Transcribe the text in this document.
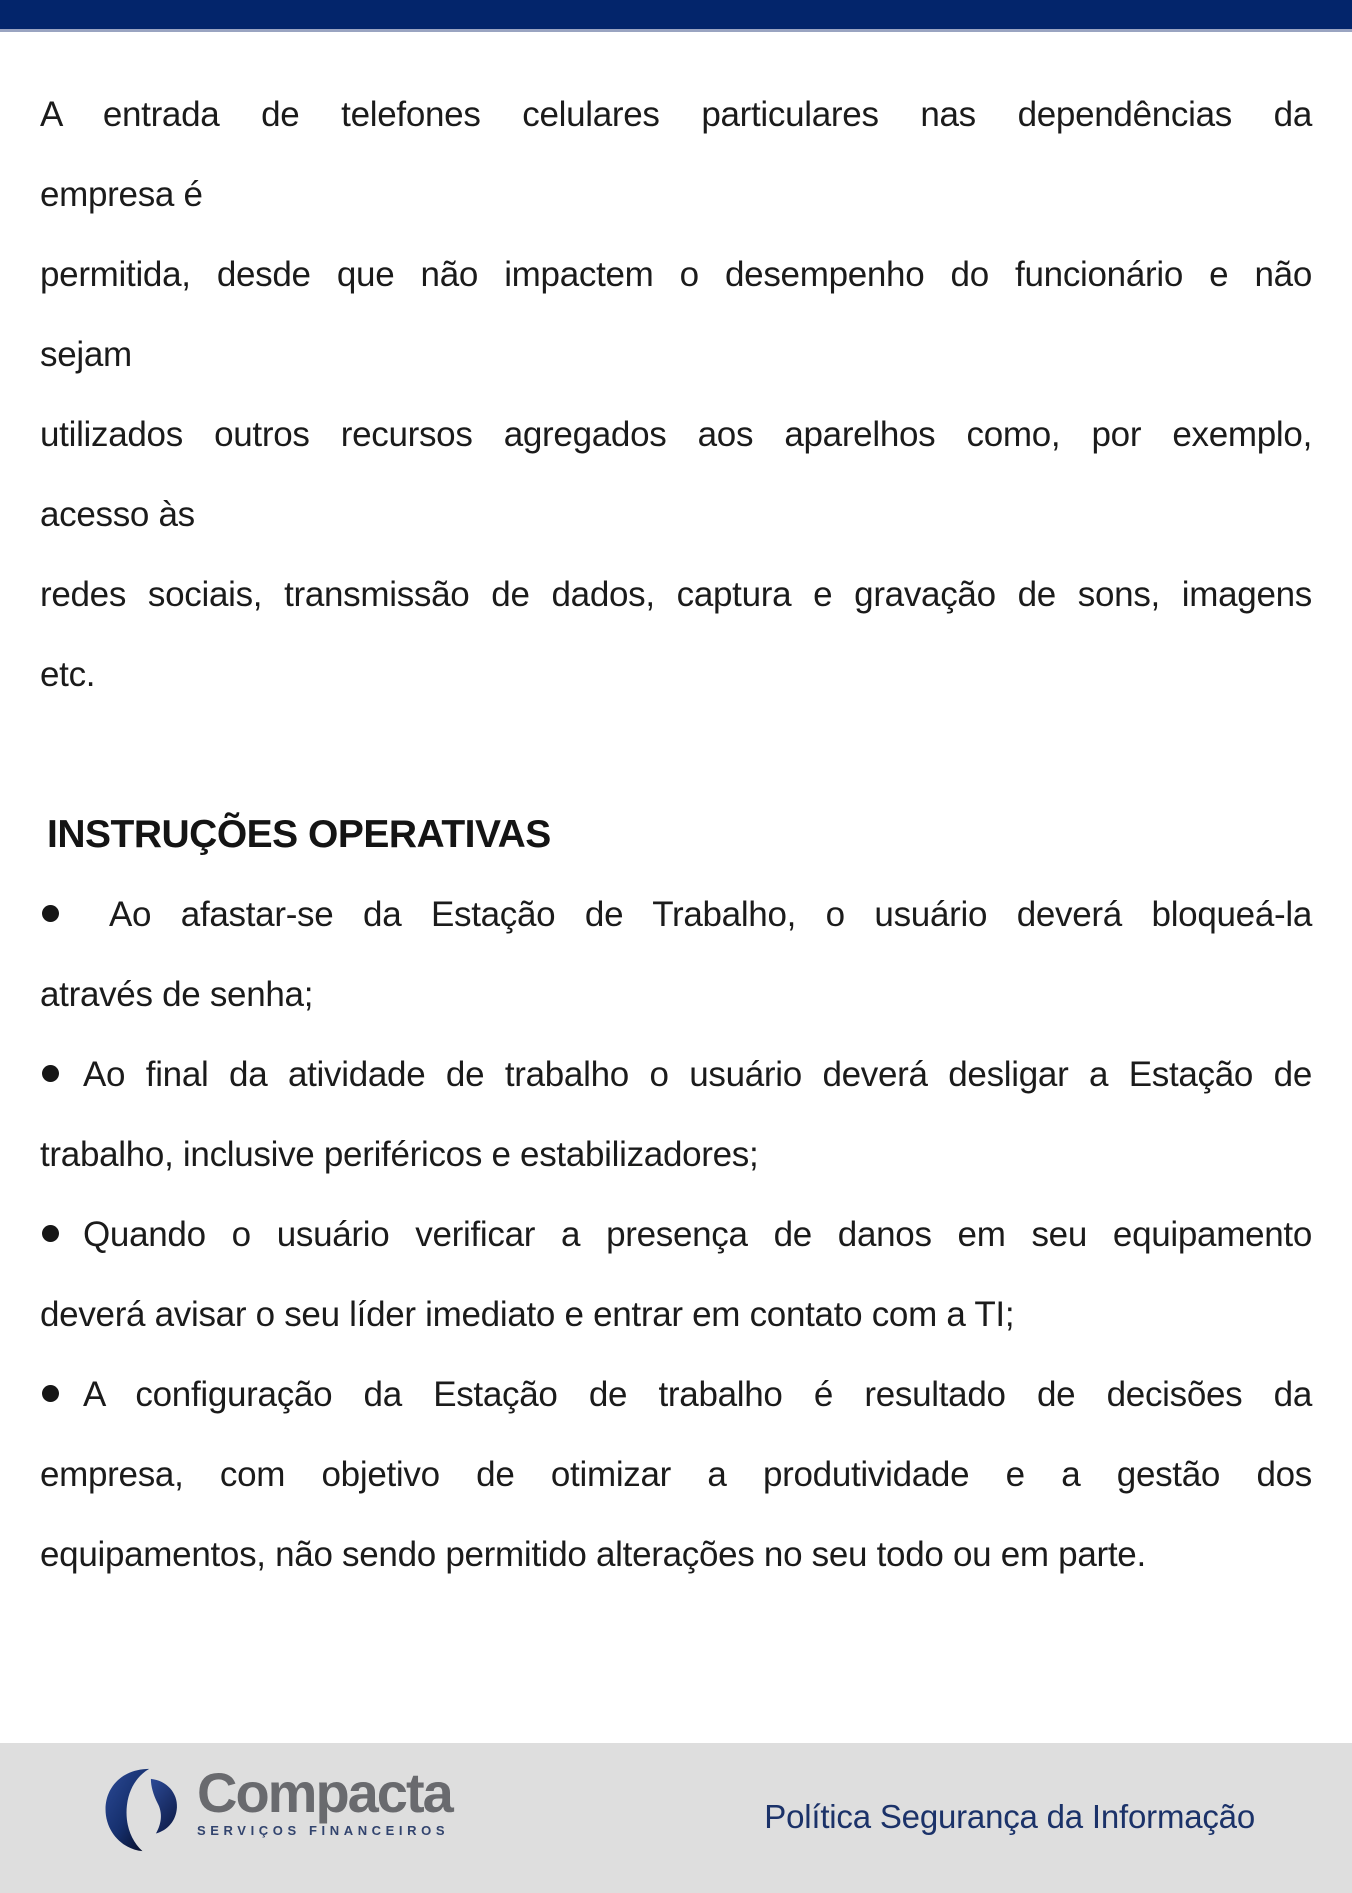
A entrada de telefones celulares particulares nas dependências da
empresa é
permitida, desde que não impactem o desempenho do funcionário e não
sejam
utilizados outros recursos agregados aos aparelhos como, por exemplo,
acesso às
redes sociais, transmissão de dados, captura e gravação de sons, imagens
etc.
INSTRUÇÕES OPERATIVAS
Ao afastar-se da Estação de Trabalho, o usuário deverá bloqueá-la
através de senha;
Ao final da atividade de trabalho o usuário deverá desligar a Estação de
trabalho, inclusive periféricos e estabilizadores;
Quando o usuário verificar a presença de danos em seu equipamento
deverá avisar o seu líder imediato e entrar em contato com a TI;
A configuração da Estação de trabalho é resultado de decisões da
empresa, com objetivo de otimizar a produtividade e a gestão dos
equipamentos, não sendo permitido alterações no seu todo ou em parte.
Compacta
SERVIÇOS FINANCEIROS	Política Segurança da Informação
